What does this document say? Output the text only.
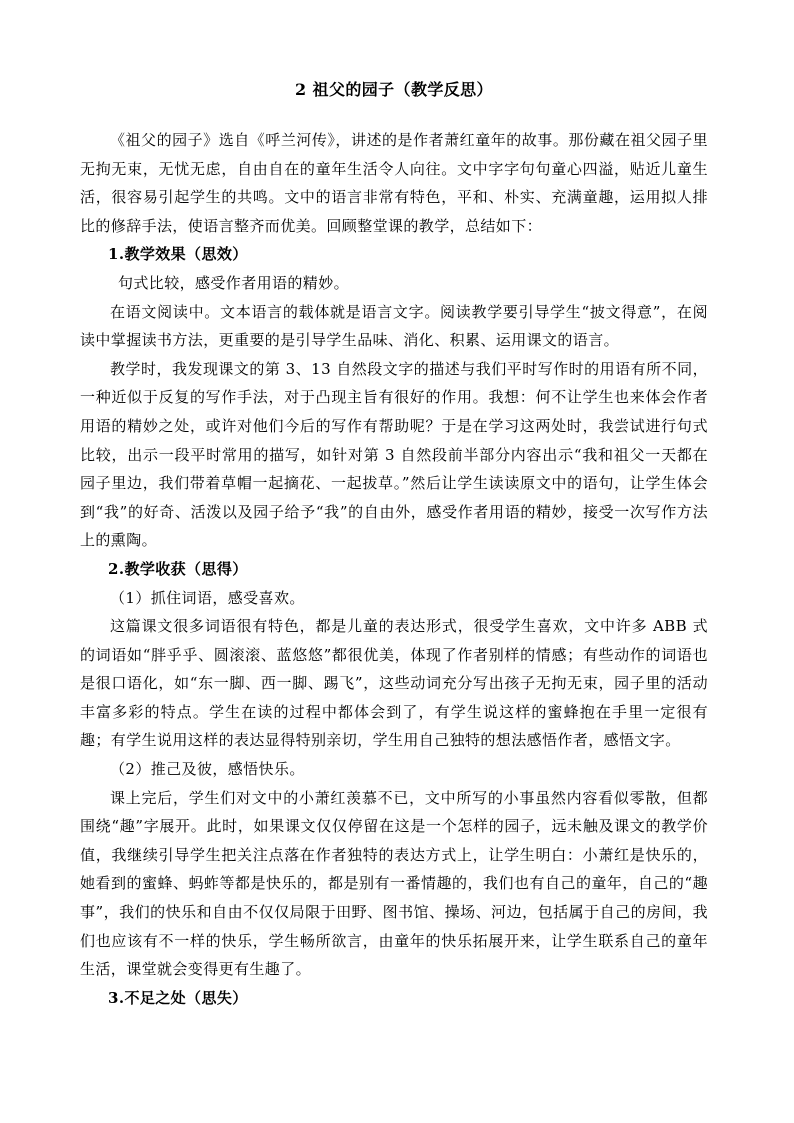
2 祖父的园子（教学反思）

《祖父的园子》选自《呼兰河传》，讲述的是作者萧红童年的故事。那份藏在祖父园子里无拘无束，无忧无虑，自由自在的童年生活令人向往。文中字字句句童心四溢，贴近儿童生活，很容易引起学生的共鸣。文中的语言非常有特色，平和、朴实、充满童趣，运用拟人排比的修辞手法，使语言整齐而优美。回顾整堂课的教学，总结如下：

1.教学效果（思效）

句式比较，感受作者用语的精妙。

在语文阅读中。文本语言的载体就是语言文字。阅读教学要引导学生“披文得意”，在阅读中掌握读书方法，更重要的是引导学生品味、消化、积累、运用课文的语言。

教学时，我发现课文的第 3、13 自然段文字的描述与我们平时写作时的用语有所不同，一种近似于反复的写作手法，对于凸现主旨有很好的作用。我想：何不让学生也来体会作者用语的精妙之处，或许对他们今后的写作有帮助呢？于是在学习这两处时，我尝试进行句式比较，出示一段平时常用的描写，如针对第 3 自然段前半部分内容出示“我和祖父一天都在园子里边，我们带着草帽一起摘花、一起拔草。”然后让学生读读原文中的语句，让学生体会到“我”的好奇、活泼以及园子给予“我”的自由外，感受作者用语的精妙，接受一次写作方法上的熏陶。

2.教学收获（思得）

（1）抓住词语，感受喜欢。

这篇课文很多词语很有特色，都是儿童的表达形式，很受学生喜欢，文中许多 ABB 式的词语如“胖乎乎、圆滚滚、蓝悠悠”都很优美，体现了作者别样的情感；有些动作的词语也是很口语化，如“东一脚、西一脚、踢飞”，这些动词充分写出孩子无拘无束，园子里的活动丰富多彩的特点。学生在读的过程中都体会到了，有学生说这样的蜜蜂抱在手里一定很有趣；有学生说用这样的表达显得特别亲切，学生用自己独特的想法感悟作者，感悟文字。

（2）推己及彼，感悟快乐。

课上完后，学生们对文中的小萧红羡慕不已，文中所写的小事虽然内容看似零散，但都围绕“趣”字展开。此时，如果课文仅仅停留在这是一个怎样的园子，远未触及课文的教学价值，我继续引导学生把关注点落在作者独特的表达方式上，让学生明白：小萧红是快乐的，她看到的蜜蜂、蚂蚱等都是快乐的，都是别有一番情趣的，我们也有自己的童年，自己的“趣事”，我们的快乐和自由不仅仅局限于田野、图书馆、操场、河边，包括属于自己的房间，我们也应该有不一样的快乐，学生畅所欲言，由童年的快乐拓展开来，让学生联系自己的童年生活，课堂就会变得更有生趣了。

3.不足之处（思失）
